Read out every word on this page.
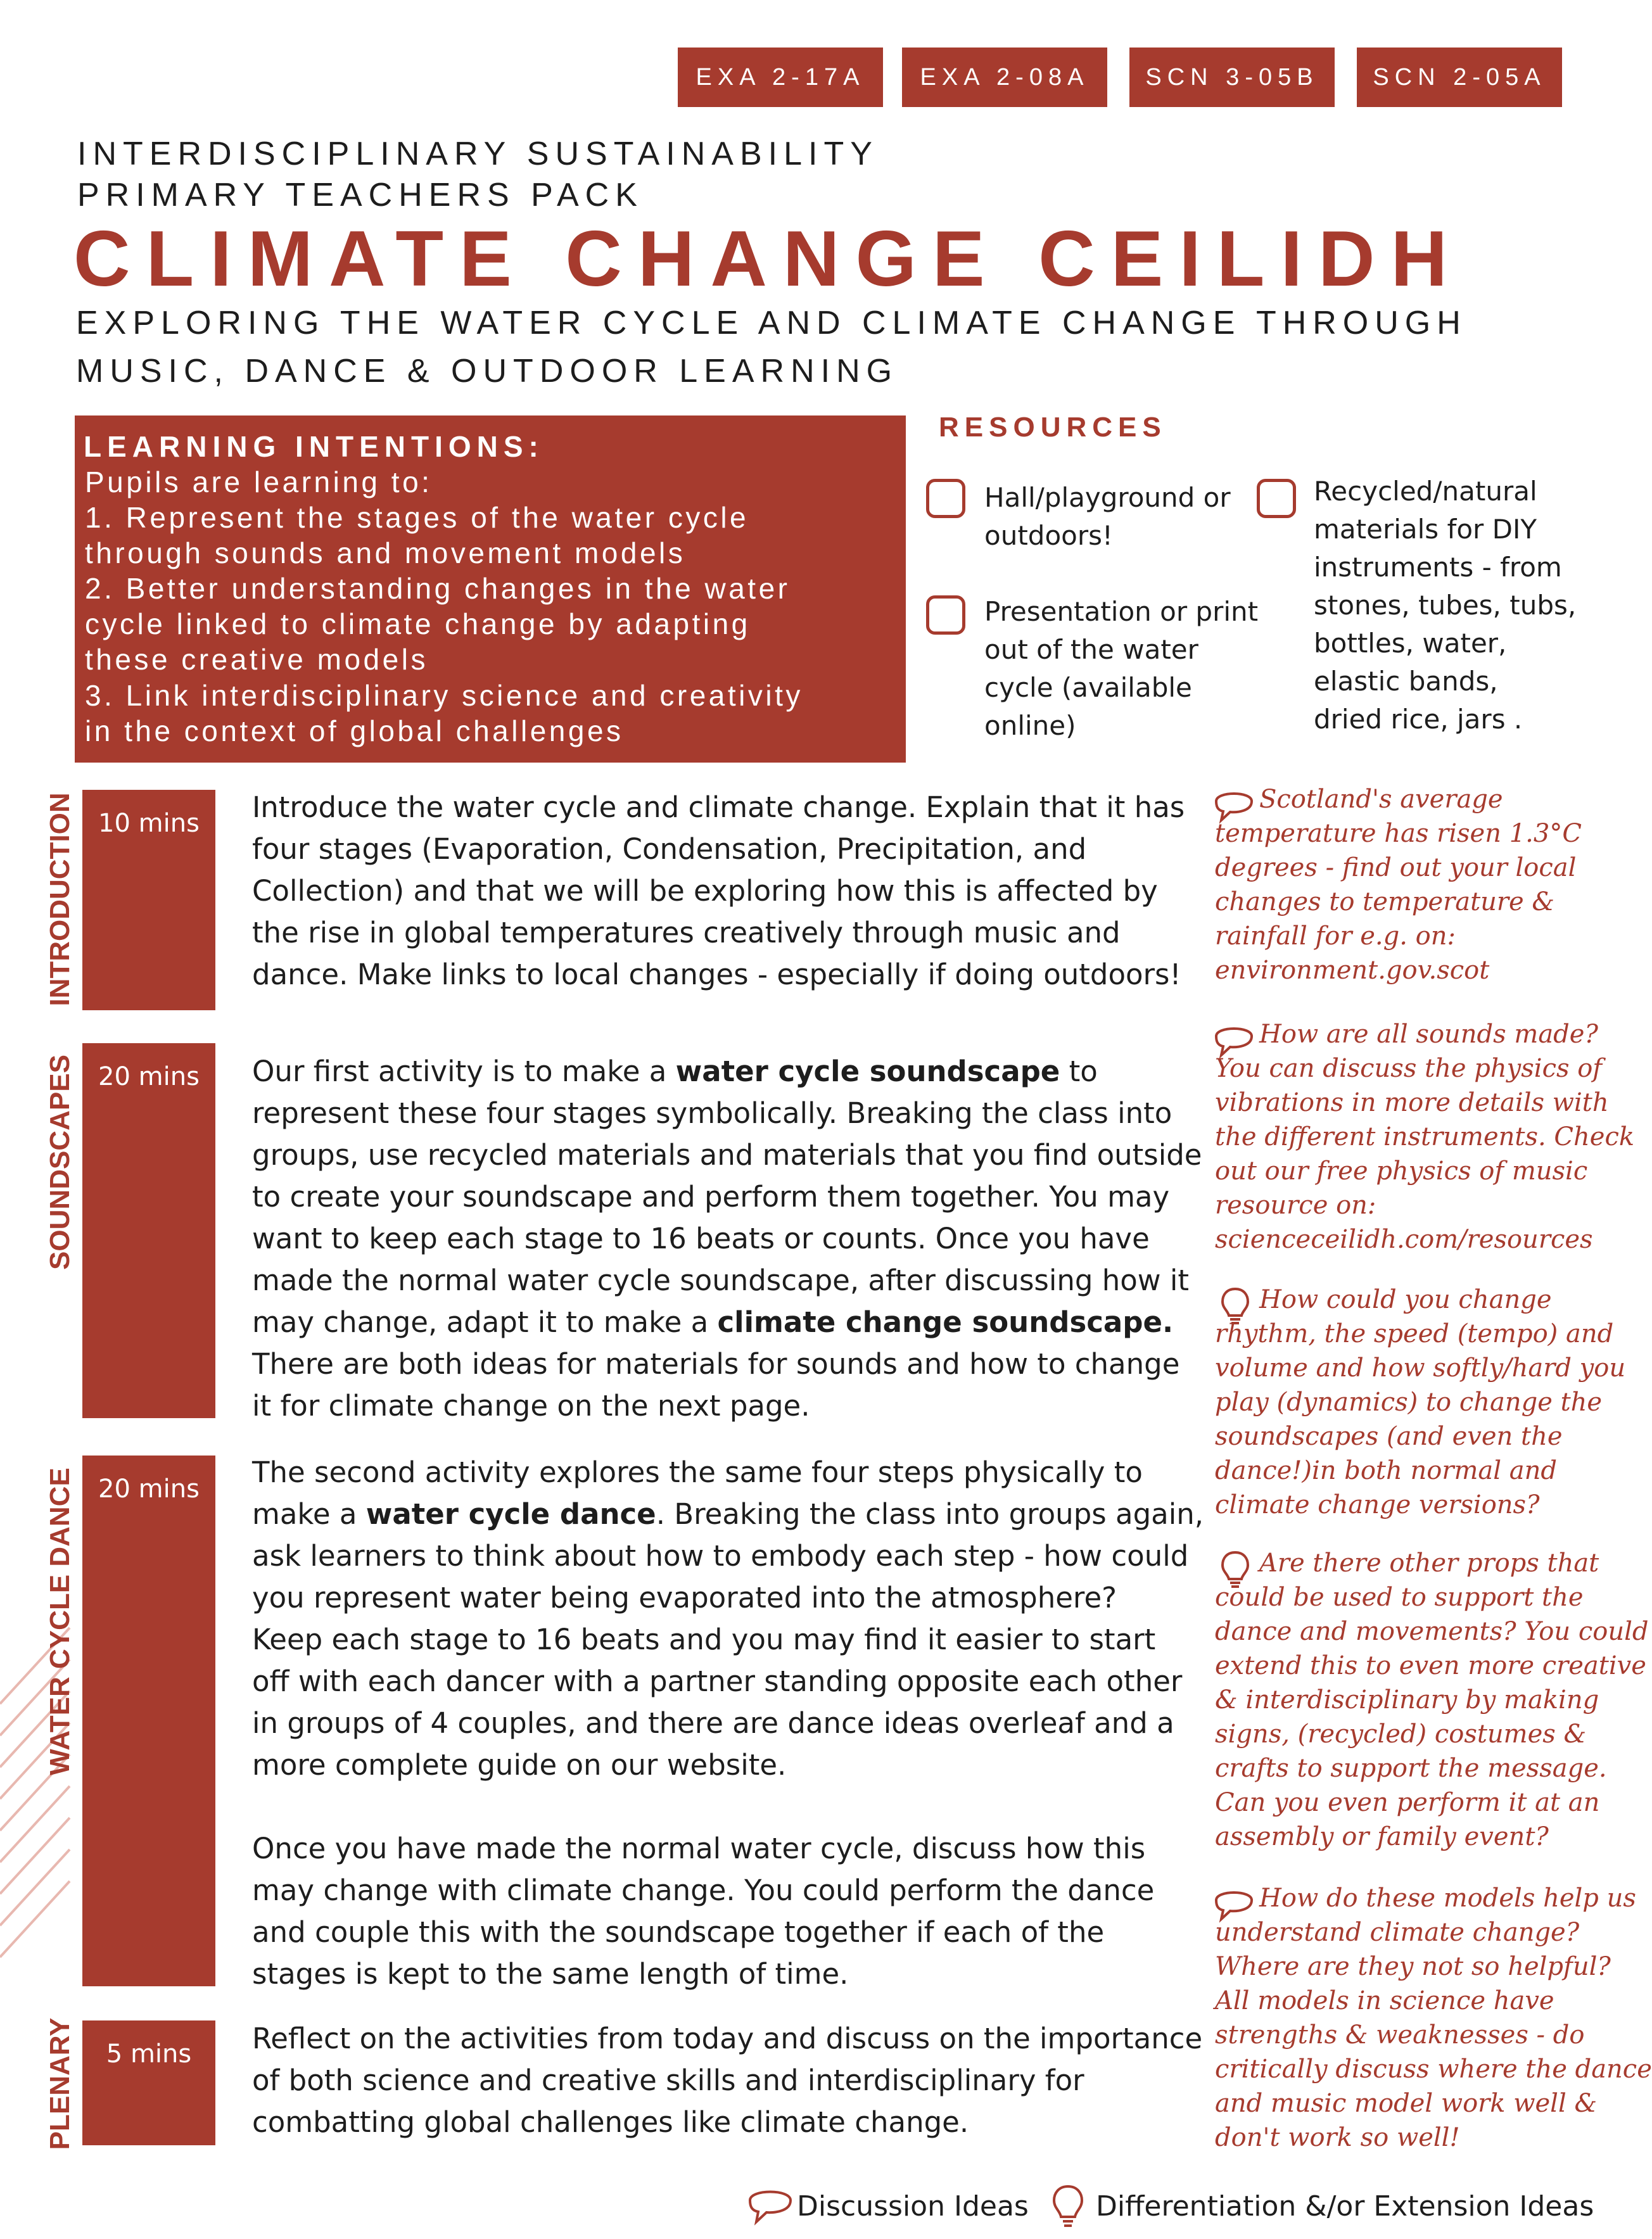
EXA 2-17A	EXA 2-08A	SCN 3-05B	SCN 2-05A
INTERDISCIPLINARY SUSTAINABILITY
PRIMARY TEACHERS PACK
CLIMATE CHANGE CEILIDH
EXPLORING THE WATER CYCLE AND CLIMATE CHANGE THROUGH
MUSIC, DANCE & OUTDOOR LEARNING
LEARNING INTENTIONS:
Pupils are learning to:
1. Represent the stages of the water cycle
through sounds and movement models
2. Better understanding changes in the water
cycle linked to climate change by adapting
these creative models
3. Link interdisciplinary science and creativity
in the context of global challenges
RESOURCES
Hall/playground or
outdoors!
Presentation or print
out of the water
cycle (available
online)
Recycled/natural
materials for DIY
instruments - from
stones, tubes, tubs,
bottles, water,
elastic bands,
dried rice, jars .
INTRODUCTION 10 mins	Introduce the water cycle and climate change. Explain that it has
four stages (Evaporation, Condensation, Precipitation, and
Collection) and that we will be exploring how this is affected by
the rise in global temperatures creatively through music and
dance. Make links to local changes - especially if doing outdoors!
SOUNDSCAPES 20 mins	Our first activity is to make a water cycle soundscape to
represent these four stages symbolically. Breaking the class into
groups, use recycled materials and materials that you find outside
to create your soundscape and perform them together. You may
want to keep each stage to 16 beats or counts. Once you have
made the normal water cycle soundscape, after discussing how it
may change, adapt it to make a climate change soundscape.
There are both ideas for materials for sounds and how to change
it for climate change on the next page.
WATER CYCLE DANCE 20 mins	The second activity explores the same four steps physically to
make a water cycle dance. Breaking the class into groups again,
ask learners to think about how to embody each step - how could
you represent water being evaporated into the atmosphere?
Keep each stage to 16 beats and you may find it easier to start
off with each dancer with a partner standing opposite each other
in groups of 4 couples, and there are dance ideas overleaf and a
more complete guide on our website.
Once you have made the normal water cycle, discuss how this
may change with climate change. You could perform the dance
and couple this with the soundscape together if each of the
stages is kept to the same length of time.
PLENARY	5 mins	Reflect on the activities from today and discuss on the importance
of both science and creative skills and interdisciplinary for
combatting global challenges like climate change.
Scotland's average
temperature has risen 1.3°C
degrees - find out your local
changes to temperature &
rainfall for e.g. on:
environment.gov.scot
How are all sounds made?
You can discuss the physics of
vibrations in more details with
the different instruments. Check
out our free physics of music
resource on:
scienceceilidh.com/resources
How could you change
rhythm, the speed (tempo) and
volume and how softly/hard you
play (dynamics) to change the
soundscapes (and even the
dance!)in both normal and
climate change versions?
Are there other props that
could be used to support the
dance and movements? You could
extend this to even more creative
& interdisciplinary by making
signs, (recycled) costumes &
crafts to support the message.
Can you even perform it at an
assembly or family event?
How do these models help us
understand climate change?
Where are they not so helpful?
All models in science have
strengths & weaknesses - do
critically discuss where the dance
and music model work well &
don't work so well!
Discussion Ideas Differentiation &/or Extension Ideas
